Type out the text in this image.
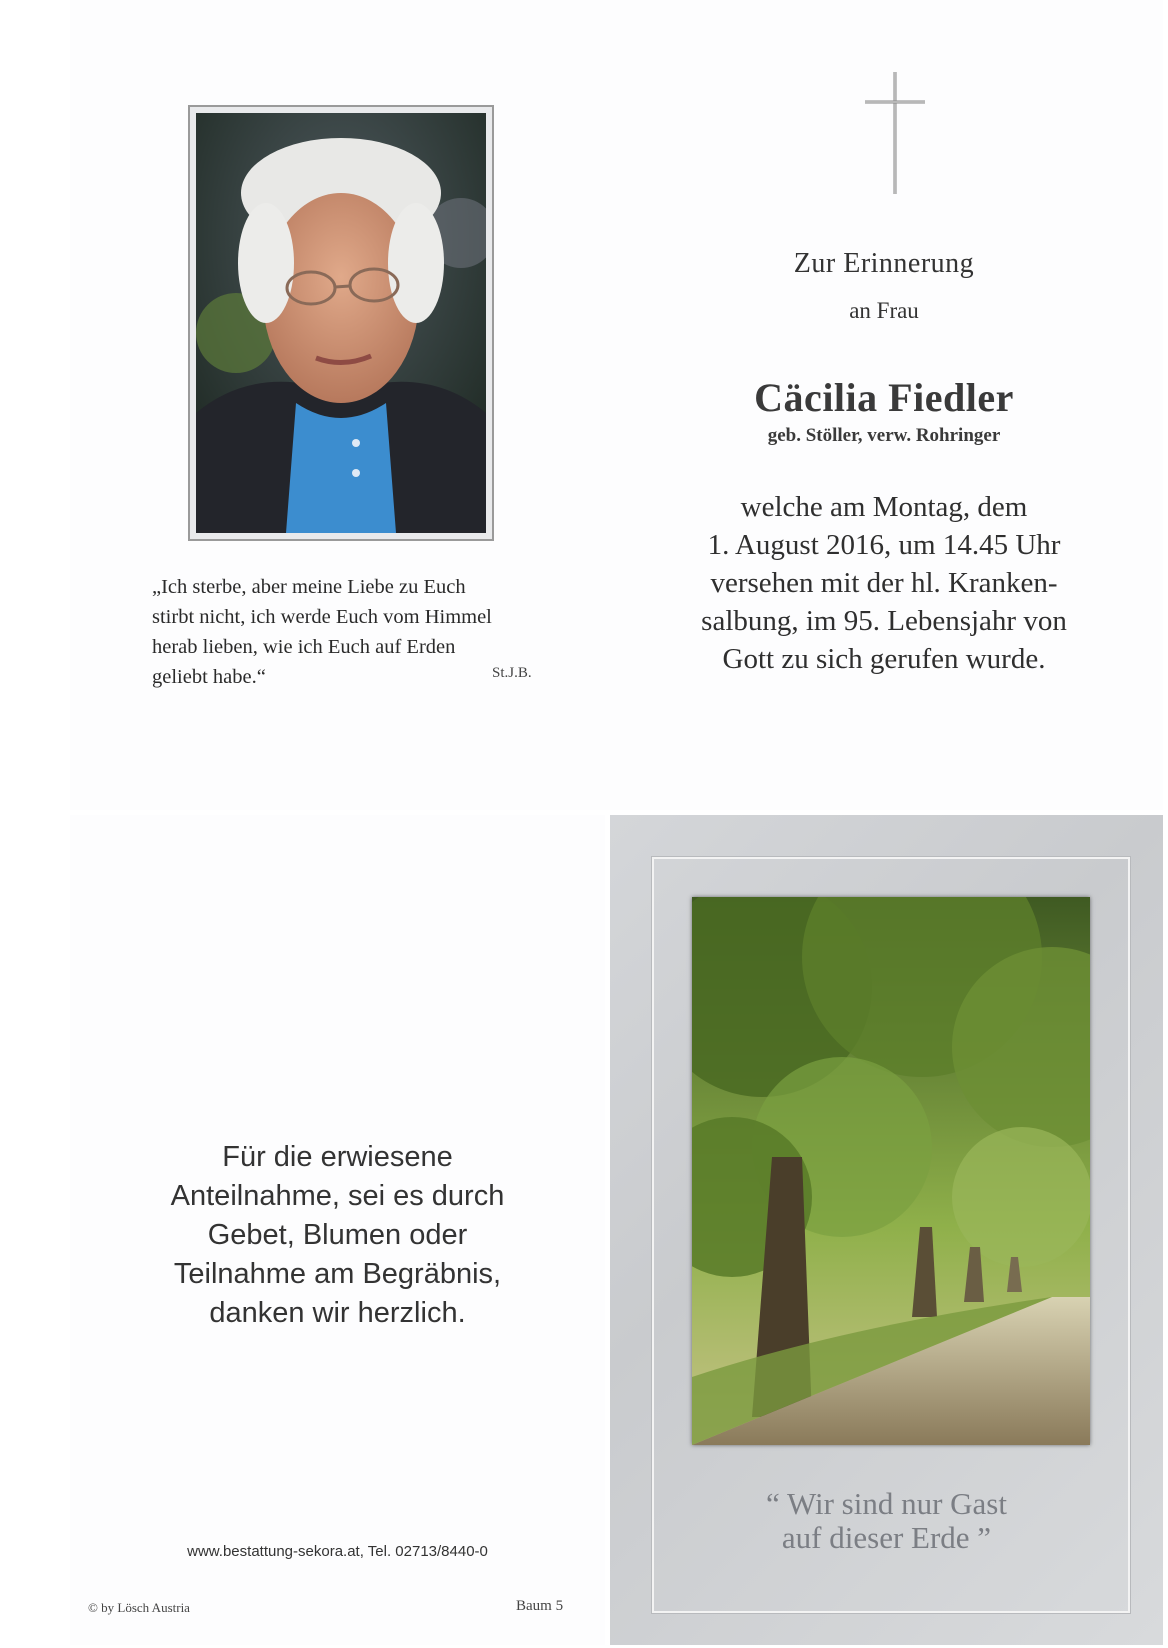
„Ich sterbe, aber meine Liebe zu Euch
stirbt nicht, ich werde Euch vom Himmel
herab lieben, wie ich Euch auf Erden
geliebt habe.“	St.J.B.
Zur Erinnerung
an Frau
Cäcilia Fiedler
geb. Stöller, verw. Rohringer
welche am Montag, dem
1. August 2016, um 14.45 Uhr
versehen mit der hl. Kranken-
salbung, im 95. Lebensjahr von
Gott zu sich gerufen wurde.
Für die erwiesene
Anteilnahme, sei es durch
Gebet, Blumen oder
Teilnahme am Begräbnis,
danken wir herzlich.
www.bestattung-sekora.at, Tel. 02713/8440-0
© by Lösch Austria	Baum 5
“ Wir sind nur Gast
auf dieser Erde ”
